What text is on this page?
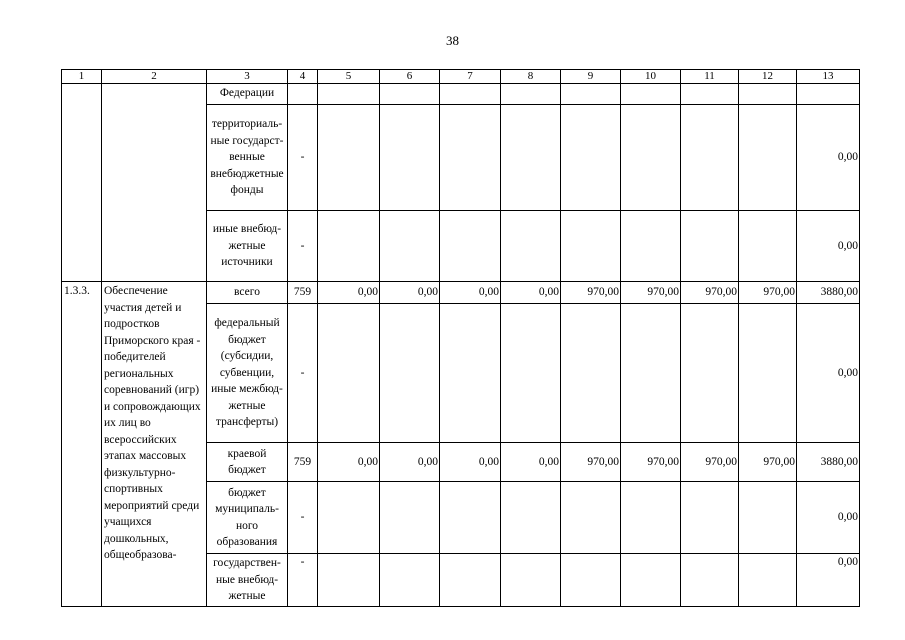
38
1	2	3	4	5	6	7	8	9	10	11	12	13
		Федерации										
		территориаль-ные государст-венные внебюджетные фонды	-									0,00
		иные внебюд-жетные источники	-									0,00
1.3.3.	Обеспечение участия детей и подростков Приморского края - победителей региональных соревнований (игр) и сопровождающих их лиц во всероссийских этапах массовых физкультурно-спортивных мероприятий среди учащихся дошкольных, общеобразова-	всего	759	0,00	0,00	0,00	0,00	970,00	970,00	970,00	970,00	3880,00
		федеральный бюджет (субсидии, субвенции, иные межбюд-жетные трансферты)	-									0,00
		краевой бюджет	759	0,00	0,00	0,00	0,00	970,00	970,00	970,00	970,00	3880,00
		бюджет муниципаль-ного образования	-									0,00
		государствен-ные внебюд-жетные	-									0,00
